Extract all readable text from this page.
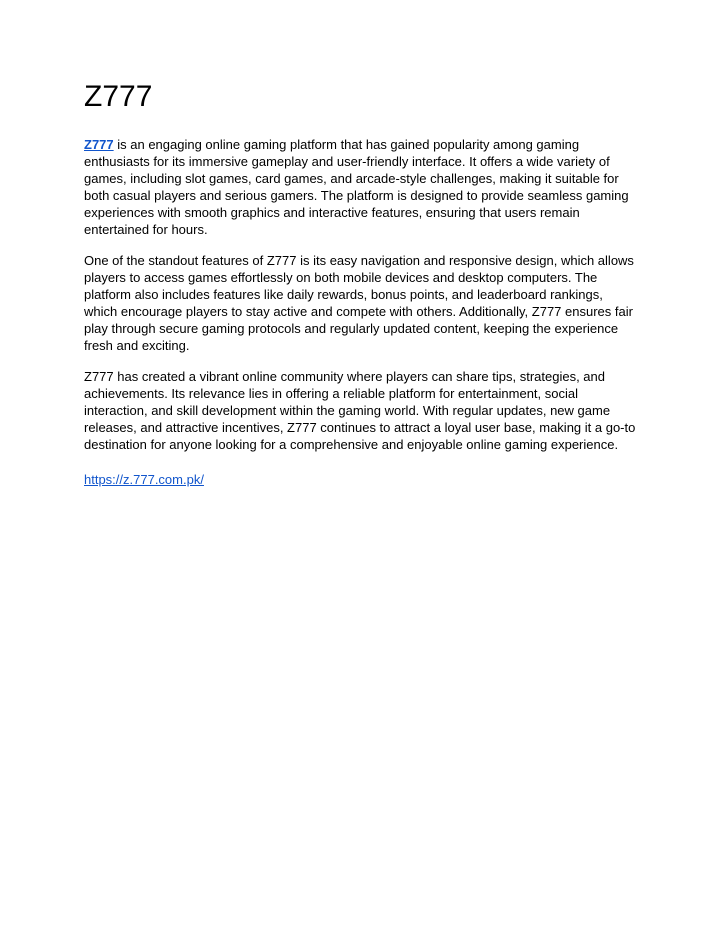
Z777

Z777 is an engaging online gaming platform that has gained popularity among gaming enthusiasts for its immersive gameplay and user-friendly interface. It offers a wide variety of games, including slot games, card games, and arcade-style challenges, making it suitable for both casual players and serious gamers. The platform is designed to provide seamless gaming experiences with smooth graphics and interactive features, ensuring that users remain entertained for hours.

One of the standout features of Z777 is its easy navigation and responsive design, which allows players to access games effortlessly on both mobile devices and desktop computers. The platform also includes features like daily rewards, bonus points, and leaderboard rankings, which encourage players to stay active and compete with others. Additionally, Z777 ensures fair play through secure gaming protocols and regularly updated content, keeping the experience fresh and exciting.

Z777 has created a vibrant online community where players can share tips, strategies, and achievements. Its relevance lies in offering a reliable platform for entertainment, social interaction, and skill development within the gaming world. With regular updates, new game releases, and attractive incentives, Z777 continues to attract a loyal user base, making it a go-to destination for anyone looking for a comprehensive and enjoyable online gaming experience.

https://z.777.com.pk/
